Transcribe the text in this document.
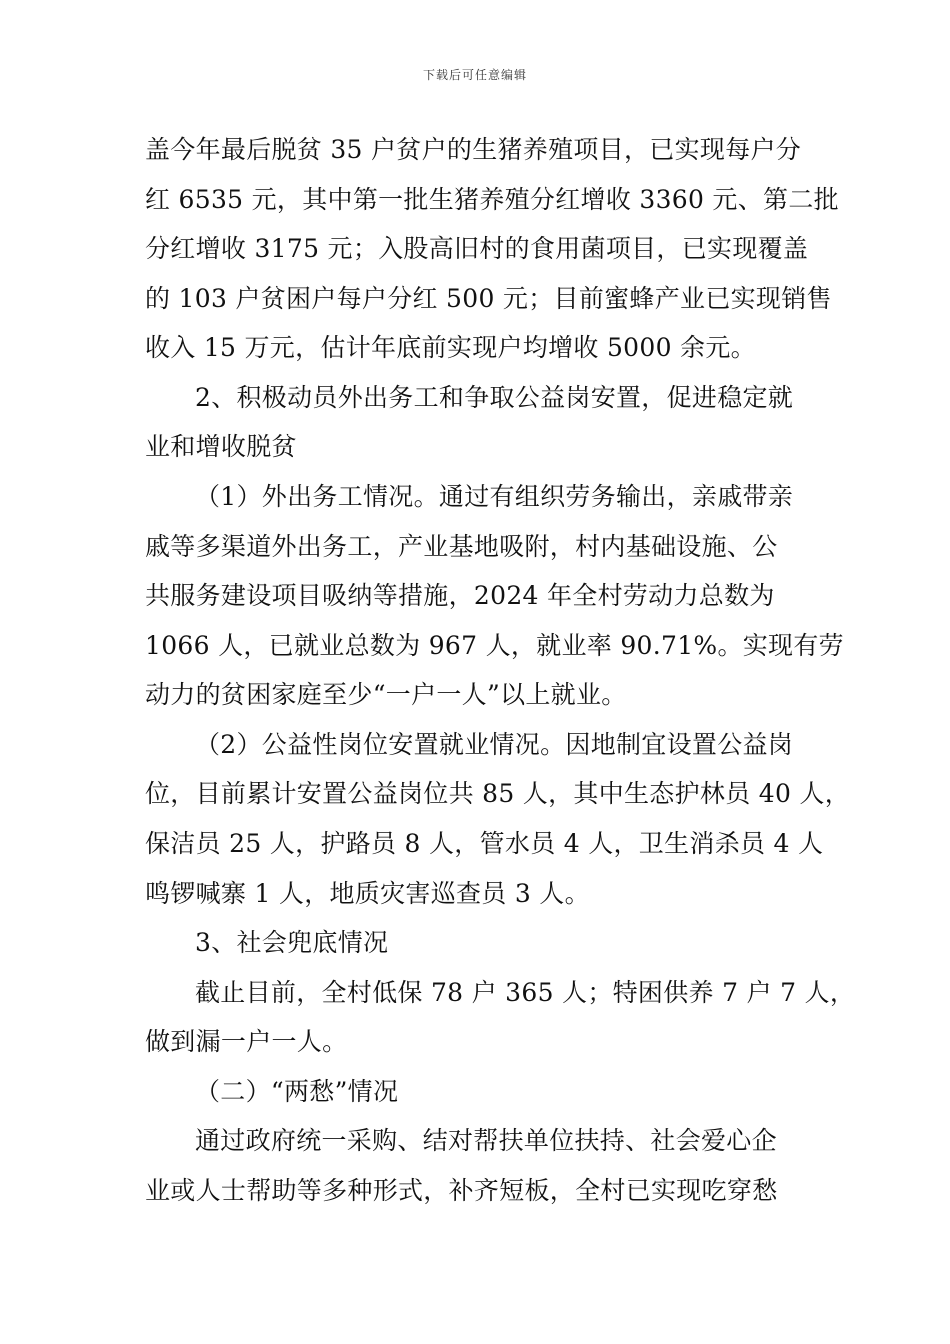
下载后可任意编辑
盖今年最后脱贫 35 户贫户的生猪养殖项目，已实现每户分
红 6535 元，其中第一批生猪养殖分红增收 3360 元、第二批
分红增收 3175 元；入股高旧村的食用菌项目，已实现覆盖
的 103 户贫困户每户分红 500 元；目前蜜蜂产业已实现销售
收入 15 万元，估计年底前实现户均增收 5000 余元。
2、积极动员外出务工和争取公益岗安置，促进稳定就
业和增收脱贫
（1）外出务工情况。通过有组织劳务输出，亲戚带亲
戚等多渠道外出务工，产业基地吸附，村内基础设施、公
共服务建设项目吸纳等措施，2024 年全村劳动力总数为
1066 人，已就业总数为 967 人，就业率 90.71%。实现有劳
动力的贫困家庭至少“一户一人”以上就业。
（2）公益性岗位安置就业情况。因地制宜设置公益岗
位，目前累计安置公益岗位共 85 人，其中生态护林员 40 人，
保洁员 25 人，护路员 8 人，管水员 4 人，卫生消杀员 4 人
鸣锣喊寨 1 人，地质灾害巡查员 3 人。
3、社会兜底情况
截止目前，全村低保 78 户 365 人；特困供养 7 户 7 人，
做到漏一户一人。
（二）“两愁”情况
通过政府统一采购、结对帮扶单位扶持、社会爱心企
业或人士帮助等多种形式，补齐短板，全村已实现吃穿愁
